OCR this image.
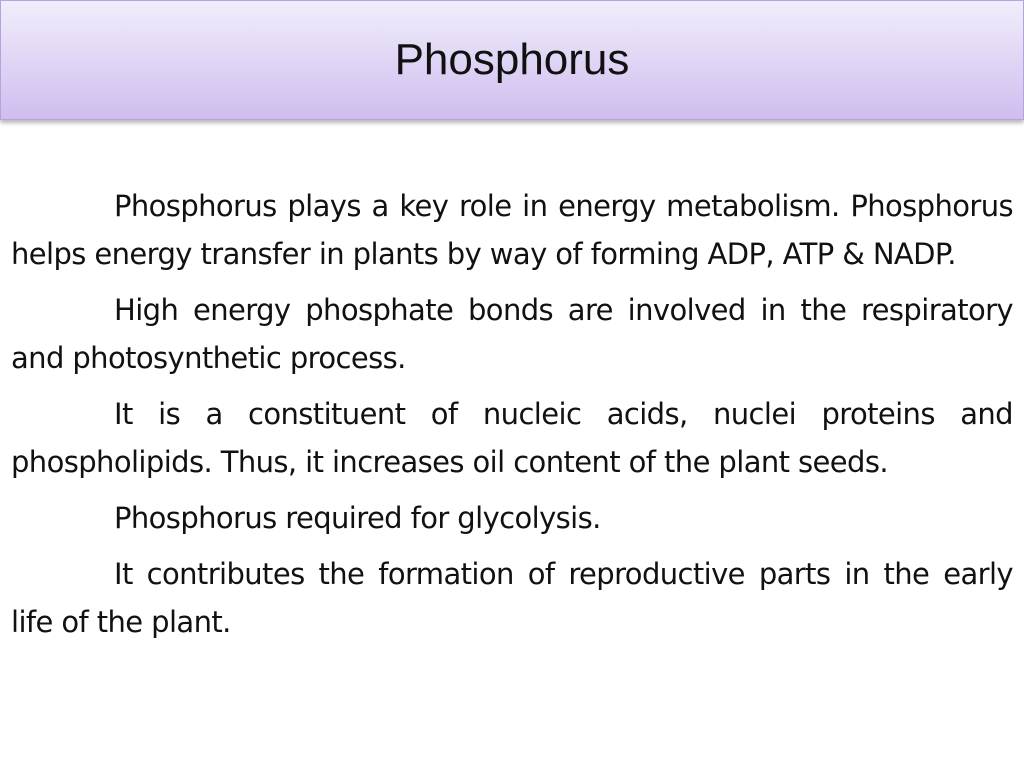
Phosphorus

Phosphorus plays a key role in energy metabolism. Phosphorus helps energy transfer in plants by way of forming ADP, ATP & NADP.

High energy phosphate bonds are involved in the respiratory and photosynthetic process.

It is a constituent of nucleic acids, nuclei proteins and phospholipids. Thus, it increases oil content of the plant seeds.

Phosphorus required for glycolysis.

It contributes the formation of reproductive parts in the early life of the plant.
